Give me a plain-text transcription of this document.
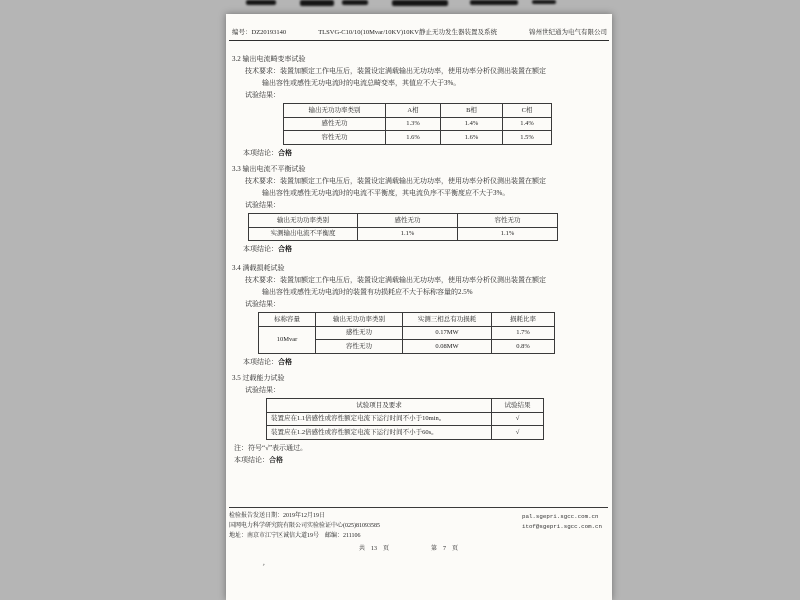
编号：DZ20193140	TLSVG-C10/10(10Mvar/10KV)10KV静止无功发生器装置及系统	锦州世纪通为电气有限公司
3.2 输出电流畸变率试验
技术要求：装置加额定工作电压后，装置设定满载输出无功功率，使用功率分析仪测出装置在额定
输出容性或感性无功电流时的电流总畸变率，其值应不大于3%。
试验结果：
输出无功功率类别	A相	B相	C相
感性无功	1.3%	1.4%	1.4%
容性无功	1.6%	1.6%	1.5%
本项结论：合格
3.3 输出电流不平衡试验
技术要求：装置加额定工作电压后，装置设定满载输出无功功率，使用功率分析仪测出装置在额定
输出容性或感性无功电流时的电流不平衡度，其电流负序不平衡度应不大于3%。
试验结果：
输出无功功率类别	感性无功	容性无功
实测输出电流不平衡度	1.1%	1.1%
本项结论：合格
3.4 满载损耗试验
技术要求：装置加额定工作电压后，装置设定满载输出无功功率，使用功率分析仪测出装置在额定
输出容性或感性无功电流时的装置有功损耗应不大于标称容量的2.5%
试验结果：
标称容量	输出无功功率类别	实测三相总有功损耗	损耗比率
10Mvar	感性无功	0.17MW	1.7%
	容性无功	0.08MW	0.8%
本项结论：合格
3.5 过载能力试验
试验结果：
试验项目及要求	试验结果
装置应在1.1倍感性或容性额定电流下运行时间不小于10min。	√
装置应在1.2倍感性或容性额定电流下运行时间不小于60s。	√
注：符号“√”表示通过。
本项结论：合格
检验报告发送日期：2019年12月19日
国网电力科学研究院有限公司实验验证中心(025)81093585
地址：南京市江宁区诚信大道19号　邮编：211106
pal.sgepri.sgcc.com.cn
itof@sgepri.sgcc.com.cn
共　13　页	第　7　页
’
